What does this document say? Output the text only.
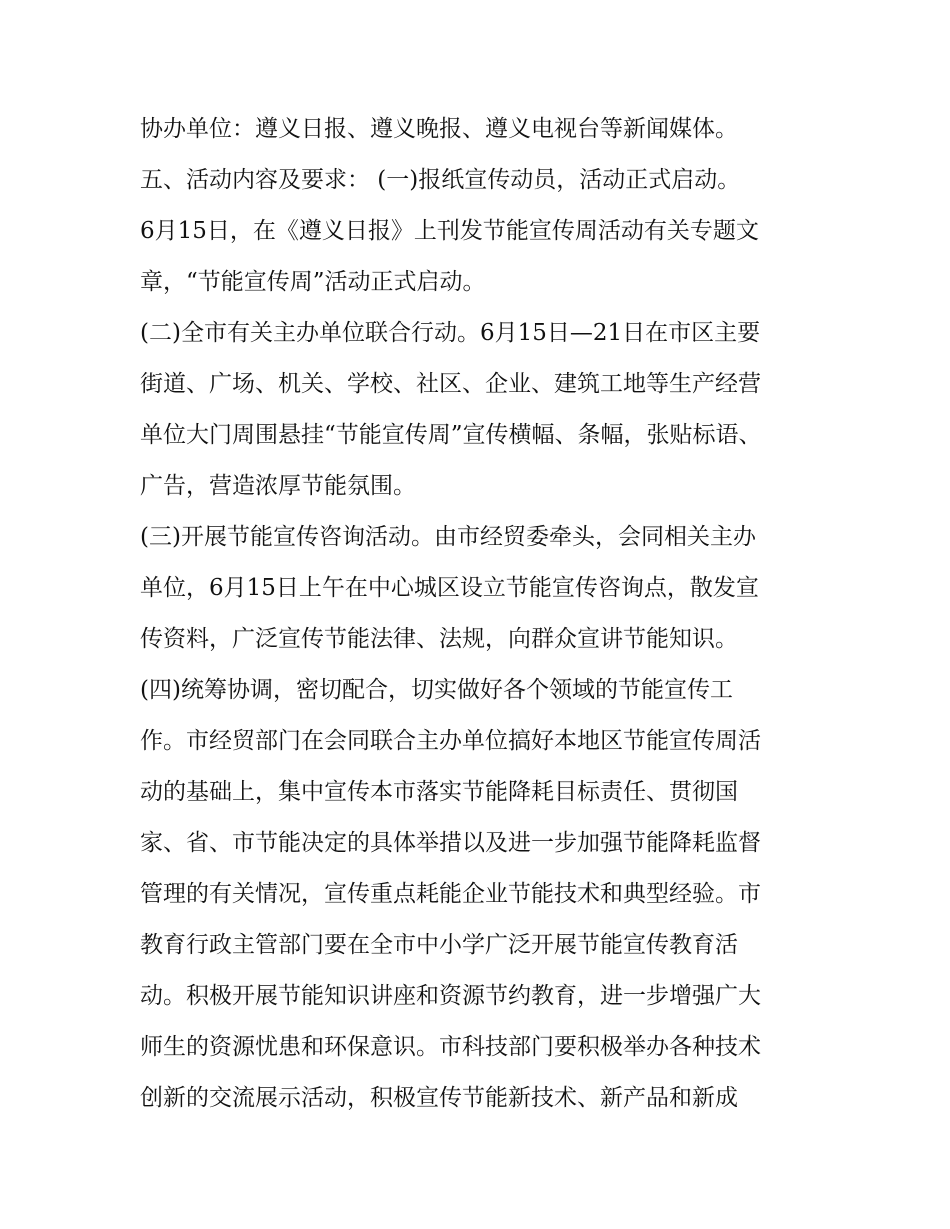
协办单位：遵义日报、遵义晚报、遵义电视台等新闻媒体。
五、活动内容及要求： (一)报纸宣传动员，活动正式启动。
6月15日，在《遵义日报》上刊发节能宣传周活动有关专题文
章，“节能宣传周”活动正式启动。
(二)全市有关主办单位联合行动。6月15日—21日在市区主要
街道、广场、机关、学校、社区、企业、建筑工地等生产经营
单位大门周围悬挂“节能宣传周”宣传横幅、条幅，张贴标语、
广告，营造浓厚节能氛围。
(三)开展节能宣传咨询活动。由市经贸委牵头，会同相关主办
单位，6月15日上午在中心城区设立节能宣传咨询点，散发宣
传资料，广泛宣传节能法律、法规，向群众宣讲节能知识。
(四)统筹协调，密切配合，切实做好各个领域的节能宣传工
作。市经贸部门在会同联合主办单位搞好本地区节能宣传周活
动的基础上，集中宣传本市落实节能降耗目标责任、贯彻国
家、省、市节能决定的具体举措以及进一步加强节能降耗监督
管理的有关情况，宣传重点耗能企业节能技术和典型经验。市
教育行政主管部门要在全市中小学广泛开展节能宣传教育活
动。积极开展节能知识讲座和资源节约教育，进一步增强广大
师生的资源忧患和环保意识。市科技部门要积极举办各种技术
创新的交流展示活动，积极宣传节能新技术、新产品和新成
